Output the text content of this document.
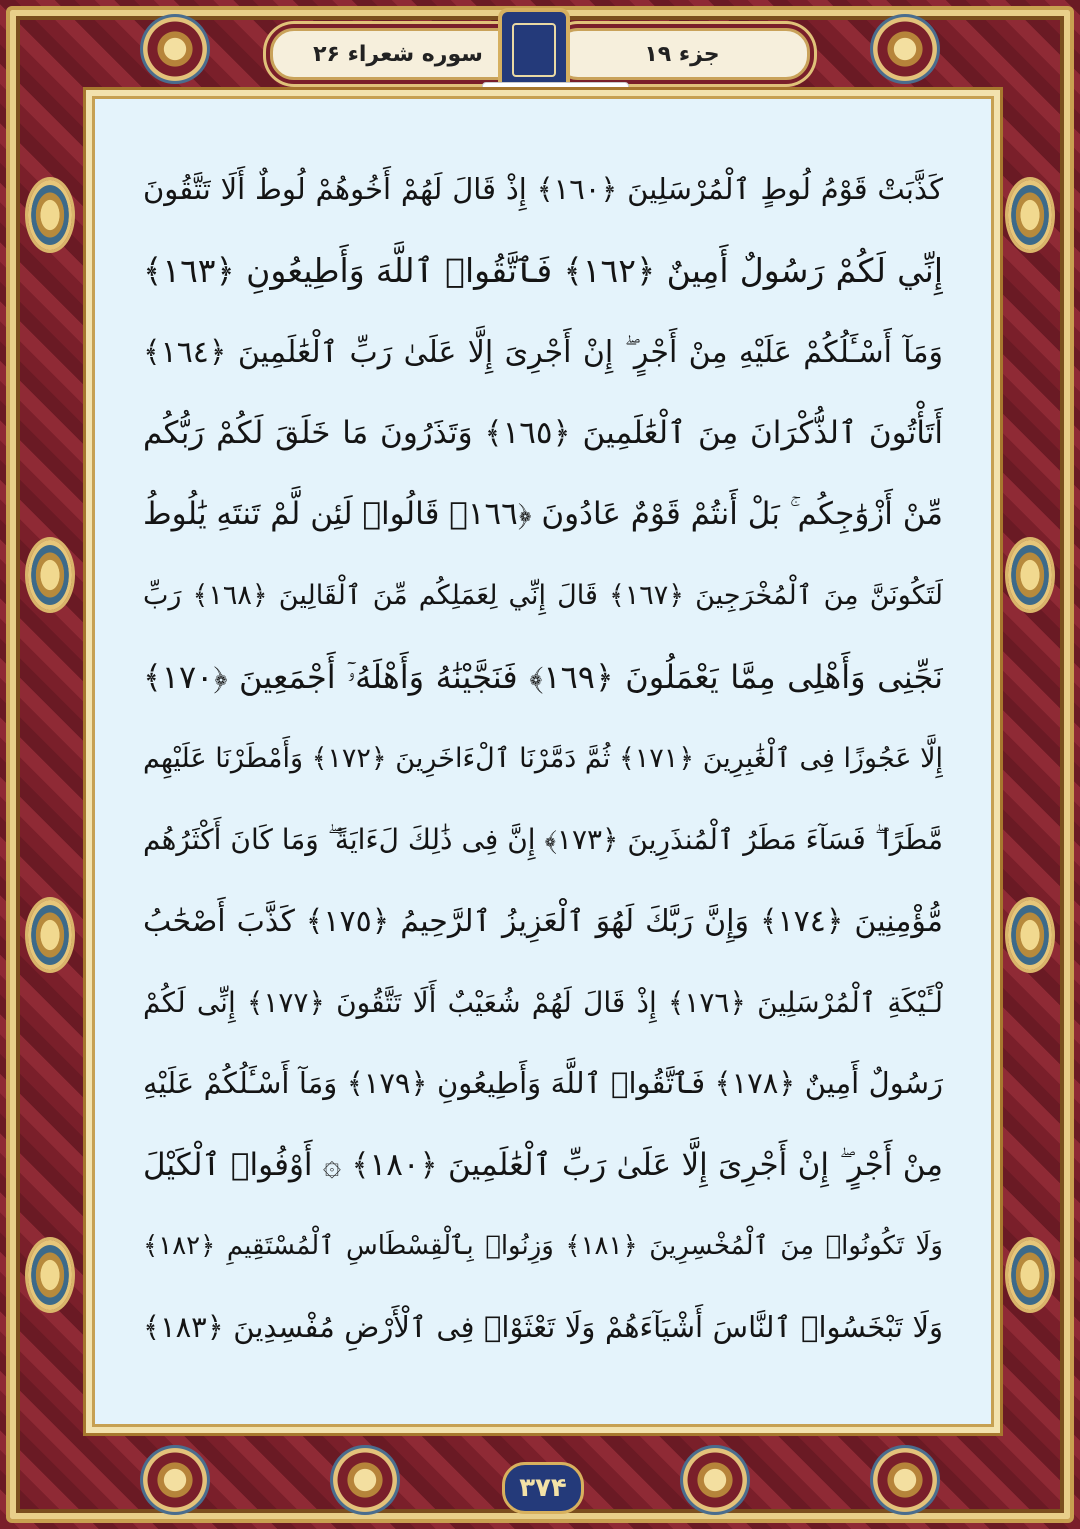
سوره شعراء ۲۶	جزء ۱۹
كَذَّبَتْ قَوْمُ لُوطٍ ٱلْمُرْسَلِينَ ﴿١٦٠﴾ إِذْ قَالَ لَهُمْ أَخُوهُمْ لُوطٌ أَلَا تَتَّقُونَ
إِنِّي لَكُمْ رَسُولٌ أَمِينٌ ﴿١٦٢﴾ فَٱتَّقُوا۟ ٱللَّهَ وَأَطِيعُونِ ﴿١٦٣﴾
وَمَآ أَسْـَٔلُكُمْ عَلَيْهِ مِنْ أَجْرٍ ۖ إِنْ أَجْرِىَ إِلَّا عَلَىٰ رَبِّ ٱلْعَٰلَمِينَ ﴿١٦٤﴾
أَتَأْتُونَ ٱلذُّكْرَانَ مِنَ ٱلْعَٰلَمِينَ ﴿١٦٥﴾ وَتَذَرُونَ مَا خَلَقَ لَكُمْ رَبُّكُم
مِّنْ أَزْوَٰجِكُم ۚ بَلْ أَنتُمْ قَوْمٌ عَادُونَ ﴿١٦٦﴾ قَالُوا۟ لَئِن لَّمْ تَنتَهِ يَٰلُوطُ
لَتَكُونَنَّ مِنَ ٱلْمُخْرَجِينَ ﴿١٦٧﴾ قَالَ إِنِّي لِعَمَلِكُم مِّنَ ٱلْقَالِينَ ﴿١٦٨﴾ رَبِّ
نَجِّنِى وَأَهْلِى مِمَّا يَعْمَلُونَ ﴿١٦٩﴾ فَنَجَّيْنَٰهُ وَأَهْلَهُۥٓ أَجْمَعِينَ ﴿١٧٠﴾
إِلَّا عَجُوزًا فِى ٱلْغَٰبِرِينَ ﴿١٧١﴾ ثُمَّ دَمَّرْنَا ٱلْءَاخَرِينَ ﴿١٧٢﴾ وَأَمْطَرْنَا عَلَيْهِم
مَّطَرًا ۖ فَسَآءَ مَطَرُ ٱلْمُنذَرِينَ ﴿١٧٣﴾ إِنَّ فِى ذَٰلِكَ لَءَايَةً ۖ وَمَا كَانَ أَكْثَرُهُم
مُّؤْمِنِينَ ﴿١٧٤﴾ وَإِنَّ رَبَّكَ لَهُوَ ٱلْعَزِيزُ ٱلرَّحِيمُ ﴿١٧٥﴾ كَذَّبَ أَصْحَٰبُ
لْـَٔيْكَةِ ٱلْمُرْسَلِينَ ﴿١٧٦﴾ إِذْ قَالَ لَهُمْ شُعَيْبٌ أَلَا تَتَّقُونَ ﴿١٧٧﴾ إِنِّى لَكُمْ
رَسُولٌ أَمِينٌ ﴿١٧٨﴾ فَٱتَّقُوا۟ ٱللَّهَ وَأَطِيعُونِ ﴿١٧٩﴾ وَمَآ أَسْـَٔلُكُمْ عَلَيْهِ
مِنْ أَجْرٍ ۖ إِنْ أَجْرِىَ إِلَّا عَلَىٰ رَبِّ ٱلْعَٰلَمِينَ ﴿١٨٠﴾ ۞ أَوْفُوا۟ ٱلْكَيْلَ
وَلَا تَكُونُوا۟ مِنَ ٱلْمُخْسِرِينَ ﴿١٨١﴾ وَزِنُوا۟ بِٱلْقِسْطَاسِ ٱلْمُسْتَقِيمِ ﴿١٨٢﴾
وَلَا تَبْخَسُوا۟ ٱلنَّاسَ أَشْيَآءَهُمْ وَلَا تَعْثَوْا۟ فِى ٱلْأَرْضِ مُفْسِدِينَ ﴿١٨٣﴾
۳۷۴
